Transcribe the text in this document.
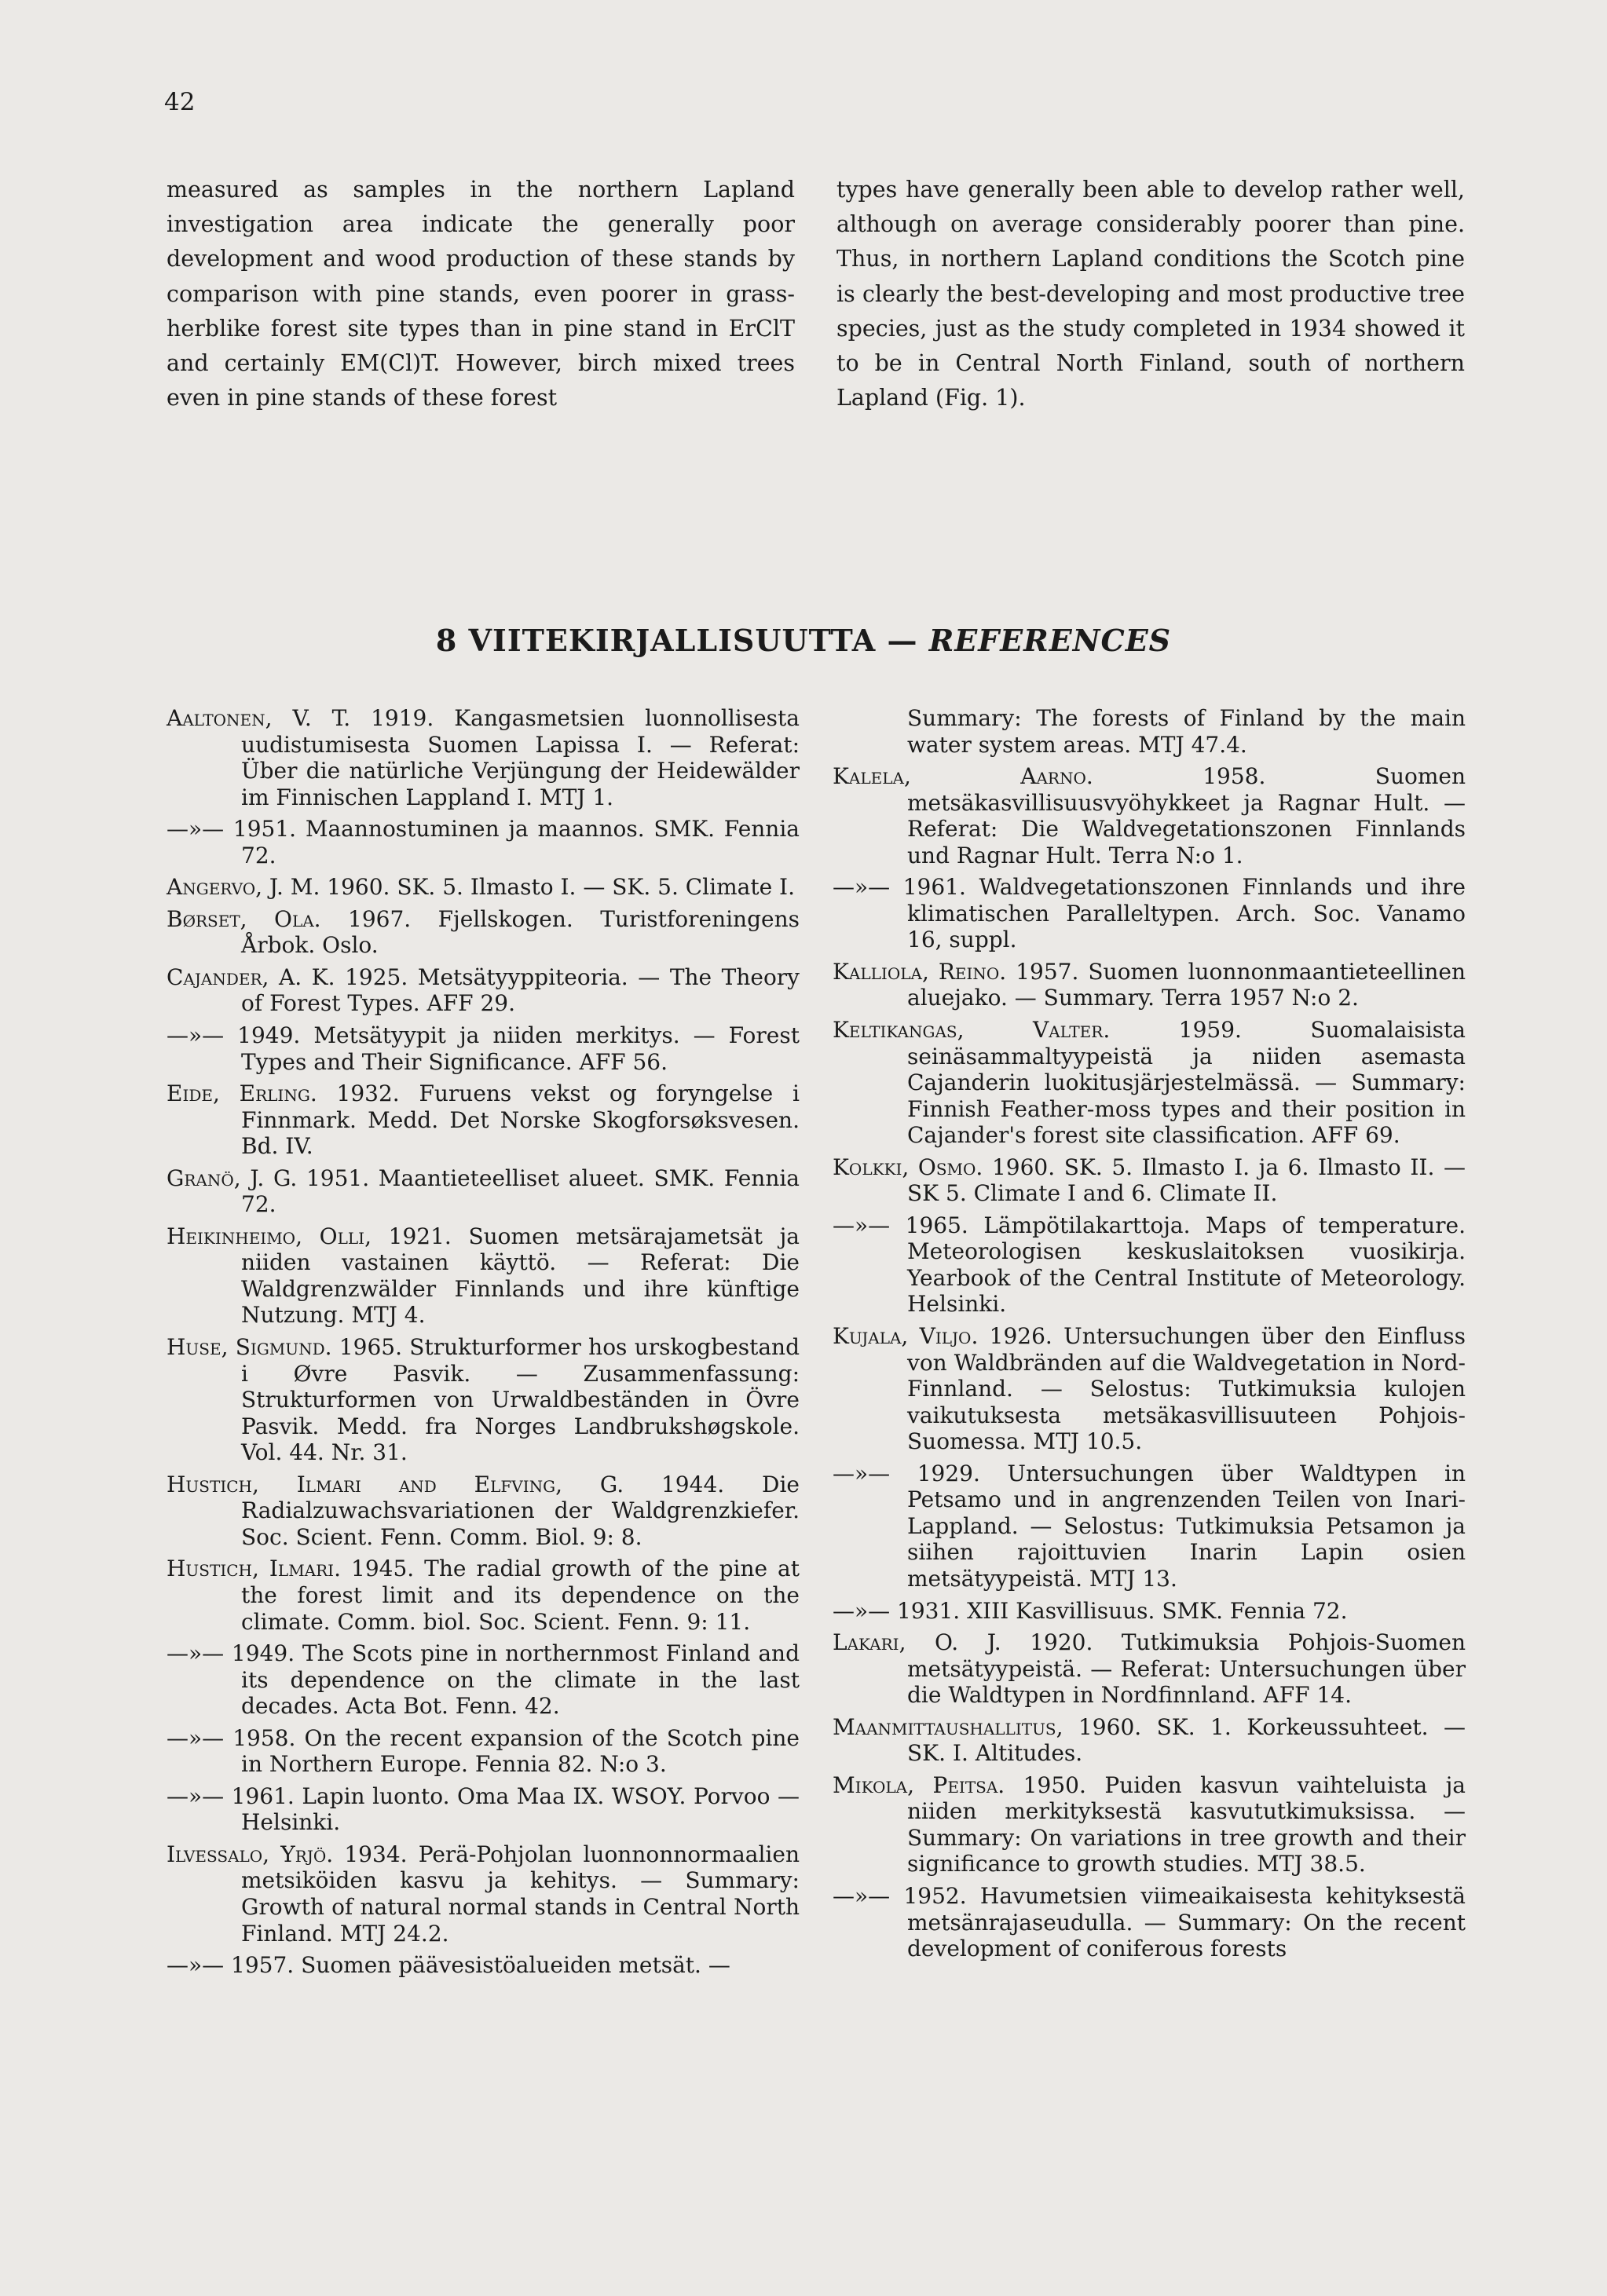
42

measured as samples in the northern Lapland investigation area indicate the generally poor development and wood production of these stands by comparison with pine stands, even poorer in grass-herblike forest site types than in pine stand in ErClT and certainly EM(Cl)T. However, birch mixed trees even in pine stands of these forest

types have generally been able to develop rather well, although on average considerably poorer than pine. Thus, in northern Lapland conditions the Scotch pine is clearly the best-developing and most productive tree species, just as the study completed in 1934 showed it to be in Central North Finland, south of northern Lapland (Fig. 1).

8 VIITEKIRJALLISUUTTA — REFERENCES

Aaltonen, V. T. 1919. Kangasmetsien luonnollisesta uudistumisesta Suomen Lapissa I. — Referat: Über die natürliche Verjüngung der Heidewälder im Finnischen Lappland I. MTJ 1.

—»— 1951. Maannostuminen ja maannos. SMK. Fennia 72.

Angervo, J. M. 1960. SK. 5. Ilmasto I. — SK. 5. Climate I.

Børset, Ola. 1967. Fjellskogen. Turistforeningens Årbok. Oslo.

Cajander, A. K. 1925. Metsätyyppiteoria. — The Theory of Forest Types. AFF 29.

—»— 1949. Metsätyypit ja niiden merkitys. — Forest Types and Their Significance. AFF 56.

Eide, Erling. 1932. Furuens vekst og foryngelse i Finnmark. Medd. Det Norske Skogforsøksvesen. Bd. IV.

Granö, J. G. 1951. Maantieteelliset alueet. SMK. Fennia 72.

Heikinheimo, Olli, 1921. Suomen metsärajametsät ja niiden vastainen käyttö. — Referat: Die Waldgrenzwälder Finnlands und ihre künftige Nutzung. MTJ 4.

Huse, Sigmund. 1965. Strukturformer hos urskogbestand i Øvre Pasvik. — Zusammenfassung: Strukturformen von Urwaldbeständen in Övre Pasvik. Medd. fra Norges Landbrukshøgskole. Vol. 44. Nr. 31.

Hustich, Ilmari and Elfving, G. 1944. Die Radialzuwachsvariationen der Waldgrenzkiefer. Soc. Scient. Fenn. Comm. Biol. 9: 8.

Hustich, Ilmari. 1945. The radial growth of the pine at the forest limit and its dependence on the climate. Comm. biol. Soc. Scient. Fenn. 9: 11.

—»— 1949. The Scots pine in northernmost Finland and its dependence on the climate in the last decades. Acta Bot. Fenn. 42.

—»— 1958. On the recent expansion of the Scotch pine in Northern Europe. Fennia 82. N:o 3.

—»— 1961. Lapin luonto. Oma Maa IX. WSOY. Porvoo — Helsinki.

Ilvessalo, Yrjö. 1934. Perä-Pohjolan luonnonnormaalien metsiköiden kasvu ja kehitys. — Summary: Growth of natural normal stands in Central North Finland. MTJ 24.2.

—»— 1957. Suomen päävesistöalueiden metsät. —

Summary: The forests of Finland by the main water system areas. MTJ 47.4.

Kalela, Aarno. 1958. Suomen metsäkasvillisuusvyöhykkeet ja Ragnar Hult. — Referat: Die Waldvegetationszonen Finnlands und Ragnar Hult. Terra N:o 1.

—»— 1961. Waldvegetationszonen Finnlands und ihre klimatischen Paralleltypen. Arch. Soc. Vanamo 16, suppl.

Kalliola, Reino. 1957. Suomen luonnonmaantieteellinen aluejako. — Summary. Terra 1957 N:o 2.

Keltikangas, Valter. 1959. Suomalaisista seinäsammaltyypeistä ja niiden asemasta Cajanderin luokitusjärjestelmässä. — Summary: Finnish Feather-moss types and their position in Cajander's forest site classification. AFF 69.

Kolkki, Osmo. 1960. SK. 5. Ilmasto I. ja 6. Ilmasto II. — SK 5. Climate I and 6. Climate II.

—»— 1965. Lämpötilakarttoja. Maps of temperature. Meteorologisen keskuslaitoksen vuosikirja. Yearbook of the Central Institute of Meteorology. Helsinki.

Kujala, Viljo. 1926. Untersuchungen über den Einfluss von Waldbränden auf die Waldvegetation in Nord-Finnland. — Selostus: Tutkimuksia kulojen vaikutuksesta metsäkasvillisuuteen Pohjois-Suomessa. MTJ 10.5.

—»— 1929. Untersuchungen über Waldtypen in Petsamo und in angrenzenden Teilen von Inari-Lappland. — Selostus: Tutkimuksia Petsamon ja siihen rajoittuvien Inarin Lapin osien metsätyypeistä. MTJ 13.

—»— 1931. XIII Kasvillisuus. SMK. Fennia 72.

Lakari, O. J. 1920. Tutkimuksia Pohjois-Suomen metsätyypeistä. — Referat: Untersuchungen über die Waldtypen in Nordfinnland. AFF 14.

Maanmittaushallitus, 1960. SK. 1. Korkeussuhteet. — SK. I. Altitudes.

Mikola, Peitsa. 1950. Puiden kasvun vaihteluista ja niiden merkityksestä kasvututkimuksissa. — Summary: On variations in tree growth and their significance to growth studies. MTJ 38.5.

—»— 1952. Havumetsien viimeaikaisesta kehityksestä metsänrajaseudulla. — Summary: On the recent development of coniferous forests
